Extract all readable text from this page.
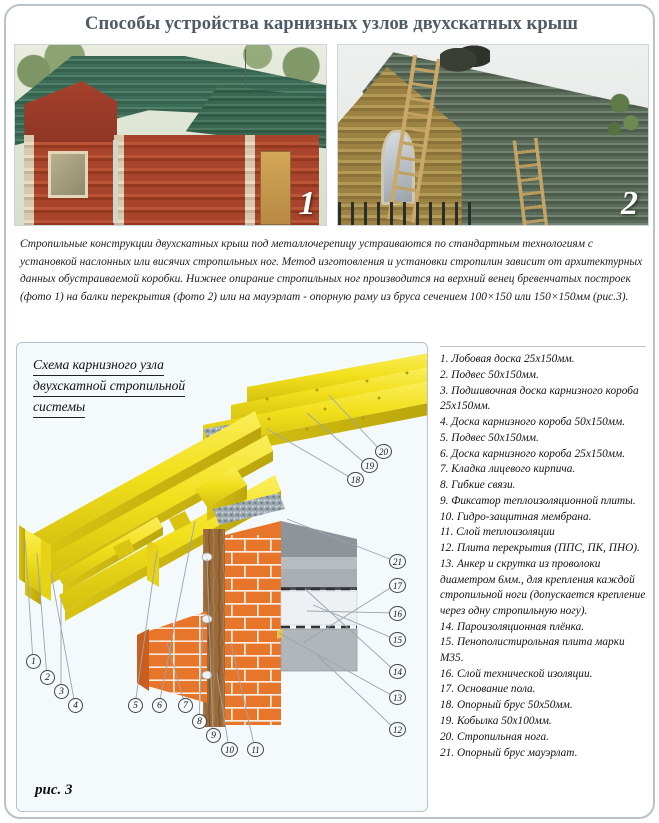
Способы устройства карнизных узлов двухскатных крыш
1	2

Стропильные конструкции двухскатных крыш под металлочерепицу устраиваются по стандартным технологиям с установкой наслонных или висячих стропильных ног. Метод изготовления и установки стропилин зависит от архитектурных данных обустраиваемой коробки. Нижнее опирание стропильных ног производится на верхний венец бревенчатых построек (фото 1) на балки перекрытия (фото 2) или на мауэрлат - опорную раму из бруса сечением 100×150 или 150×150мм (рис.3).

Схема карнизного узла
двухскатной стропильной
системы
1
2
3
4	5	6	7
8
9
10	11
18
19
20
21
17
16
15
14
13
12
рис. 3
1. Лобовая доска 25х150мм.
2. Подвес 50х150мм.
3. Подшивочная доска карнизного короба 25х150мм.
4. Доска карнизного короба 50х150мм.
5. Подвес 50х150мм.
6. Доска карнизного короба 25х150мм.
7. Кладка лицевого кирпича.
8. Гибкие связи.
9. Фиксатор теплоизоляционной плиты.
10. Гидро-защитная мембрана.
11. Слой теплоизоляции
12. Плита перекрытия (ППС, ПК, ПНО).
13. Анкер и скрутка из проволоки диаметром 6мм., для крепления каждой стропильной ноги (допускается крепление через одну стропильную ногу).
14. Пароизоляционная плёнка.
15. Пенополистирольная плита марки М35.
16. Слой технической изоляции.
17. Основание пола.
18. Опорный брус 50х50мм.
19. Кобылка 50х100мм.
20. Стропильная нога.
21. Опорный брус мауэрлат.
